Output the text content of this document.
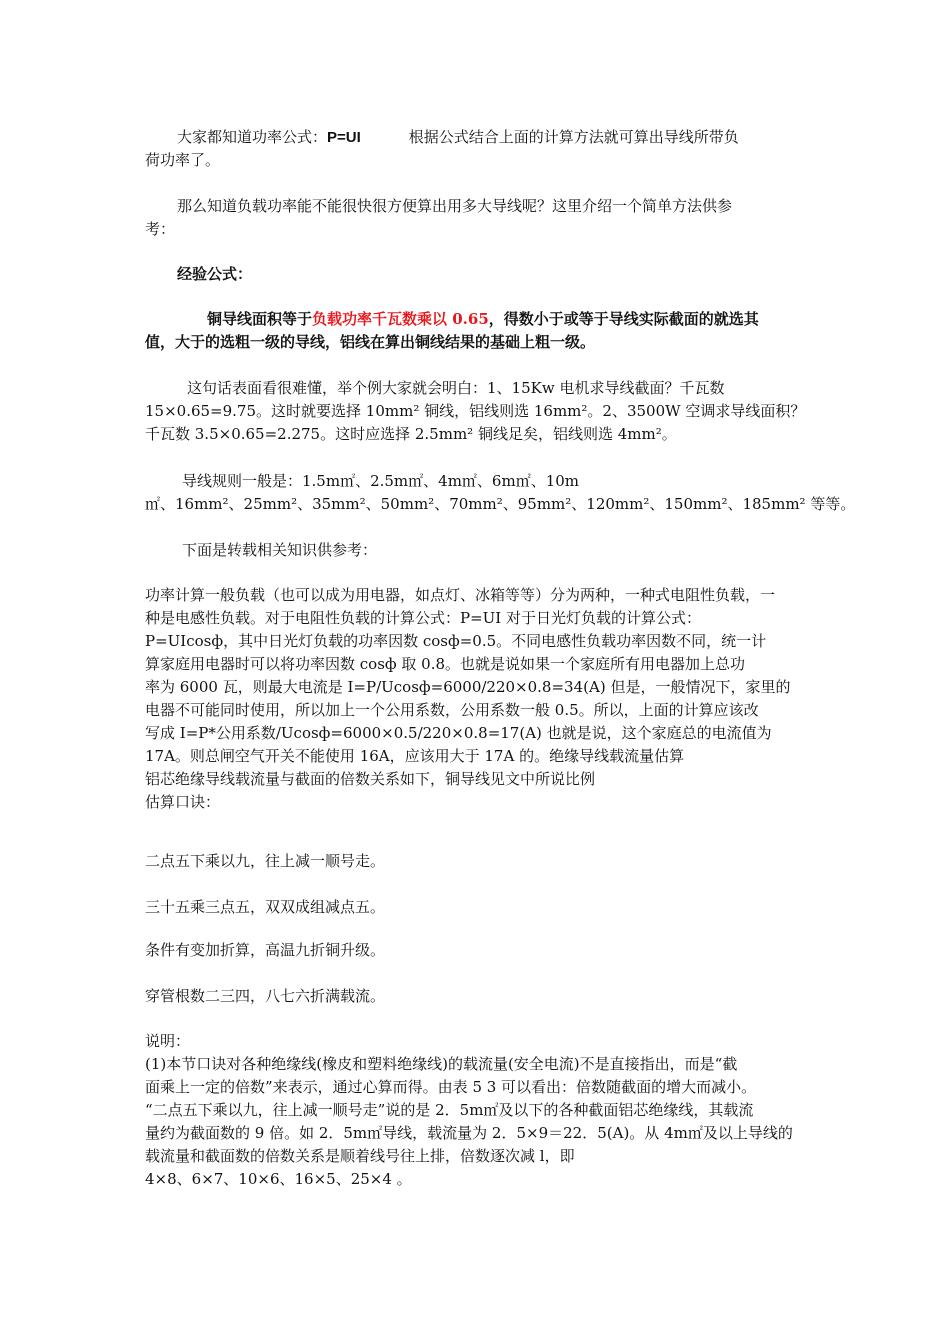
大家都知道功率公式：P=UI	根据公式结合上面的计算方法就可算出导线所带负
荷功率了。
那么知道负载功率能不能很快很方便算出用多大导线呢？这里介绍一个简单方法供参
考：
经验公式：
铜导线面积等于负载功率千瓦数乘以 0.65，得数小于或等于导线实际截面的就选其
值，大于的选粗一级的导线，铝线在算出铜线结果的基础上粗一级。
这句话表面看很难懂，举个例大家就会明白：1、15Kw 电机求导线截面？千瓦数
15×0.65=9.75。这时就要选择 10mm² 铜线，铝线则选 16mm²。2、3500W 空调求导线面积？
千瓦数 3.5×0.65=2.275。这时应选择 2.5mm² 铜线足矣，铝线则选 4mm²。
导线规则一般是：1.5m㎡、2.5m㎡、4m㎡、6m㎡、10m
㎡、16mm²、25mm²、35mm²、50mm²、70mm²、95mm²、120mm²、150mm²、185mm² 等等。
下面是转载相关知识供参考：
功率计算一般负载（也可以成为用电器，如点灯、冰箱等等）分为两种，一种式电阻性负载，一
种是电感性负载。对于电阻性负载的计算公式：P=UI 对于日光灯负载的计算公式：
P=UIcosф，其中日光灯负载的功率因数 cosф=0.5。不同电感性负载功率因数不同，统一计
算家庭用电器时可以将功率因数 cosф 取 0.8。也就是说如果一个家庭所有用电器加上总功
率为 6000 瓦，则最大电流是 I=P/Ucosф=6000/220×0.8=34(A) 但是，一般情况下，家里的
电器不可能同时使用，所以加上一个公用系数，公用系数一般 0.5。所以，上面的计算应该改
写成 I=P*公用系数/Ucosф=6000×0.5/220×0.8=17(A) 也就是说，这个家庭总的电流值为
17A。则总闸空气开关不能使用 16A，应该用大于 17A 的。绝缘导线载流量估算
铝芯绝缘导线载流量与截面的倍数关系如下，铜导线见文中所说比例
估算口诀：
二点五下乘以九，往上减一顺号走。
三十五乘三点五，双双成组减点五。
条件有变加折算，高温九折铜升级。
穿管根数二三四，八七六折满载流。
说明：
(1)本节口诀对各种绝缘线(橡皮和塑料绝缘线)的载流量(安全电流)不是直接指出，而是“截
面乘上一定的倍数”来表示，通过心算而得。由表 5 3 可以看出：倍数随截面的增大而减小。
“二点五下乘以九，往上减一顺号走”说的是 2．5m㎡及以下的各种截面铝芯绝缘线，其载流
量约为截面数的 9 倍。如 2．5m㎡导线，载流量为 2．5×9＝22．5(A)。从 4m㎡及以上导线的
载流量和截面数的倍数关系是顺着线号往上排，倍数逐次减 l，即
4×8、6×7、10×6、16×5、25×4 。
